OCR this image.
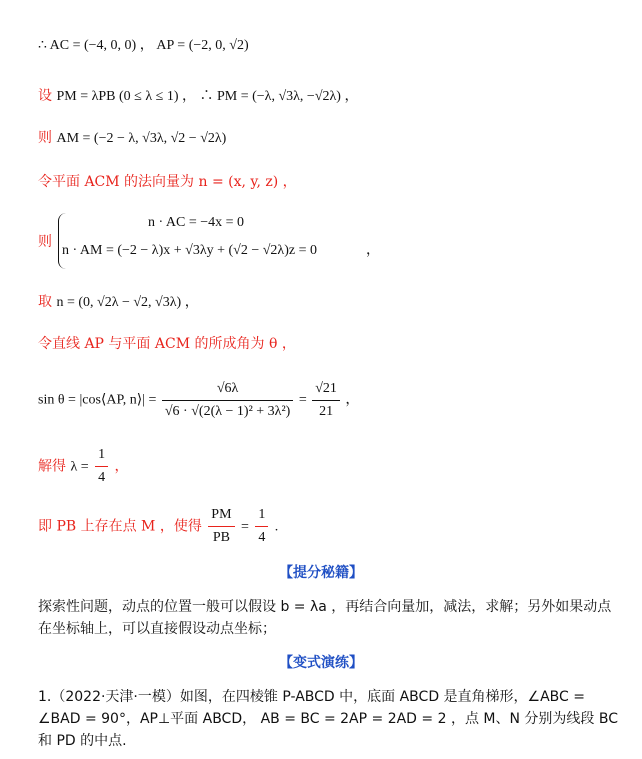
∴ AC = (−4, 0, 0) ， AP = (−2, 0, √2)
设 PM = λPB (0 ≤ λ ≤ 1) ， ∴ PM = (−λ, √3λ, −√2λ) ，
则 AM = (−2 − λ, √3λ, √2 − √2λ)
令平面 ACM 的法向量为 n = (x, y, z) ，
则
n · AC = −4x = 0
n · AM = (−2 − λ)x + √3λy + (√2 − √2λ)z = 0	，
取 n = (0, √2λ − √2, √3λ) ，
令直线 AP 与平面 ACM 的所成角为 θ ，
sin θ = |cos⟨AP, n⟩| = $\frac{√6\lambda}{\text{√6 · √(2(λ − 1)² + 3λ²)}} = \frac{√21}{21}$ ，
解得 $\lambda = \frac{1}{4}$ ，
即 PB 上存在点 M ，使得 $\frac{PM}{PB} = \frac{1}{4}$ .
【提分秘籍】
探索性问题，动点的位置一般可以假设 b = λa ，再结合向量加，减法，求解；另外如果动点在坐标轴上，可以直接假设动点坐标；
【变式演练】
1.（2022·天津·一模）如图，在四棱锥 P-ABCD 中，底面 ABCD 是直角梯形，∠ABC = ∠BAD = 90°，AP⊥平面 ABCD， AB = BC = 2AP = 2AD = 2 ，点 M、N 分别为线段 BC 和 PD 的中点.
